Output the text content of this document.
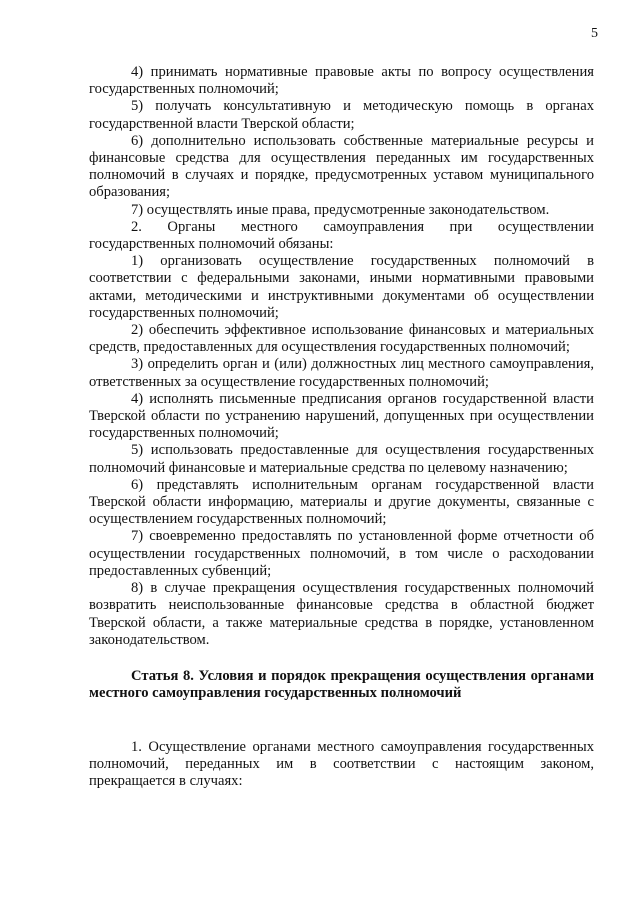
5

4) принимать нормативные правовые акты по вопросу осуществления государственных полномочий;

5) получать консультативную и методическую помощь в органах государственной власти Тверской области;

6) дополнительно использовать собственные материальные ресурсы и финансовые средства для осуществления переданных им государственных полномочий в случаях и порядке, предусмотренных уставом муниципального образования;

7) осуществлять иные права, предусмотренные законодательством.

2. Органы местного самоуправления при осуществлении государственных полномочий обязаны:

1) организовать осуществление государственных полномочий в соответствии с федеральными законами, иными нормативными правовыми актами, методическими и инструктивными документами об осуществлении государственных полномочий;

2) обеспечить эффективное использование финансовых и материальных средств, предоставленных для осуществления государственных полномочий;

3) определить орган и (или) должностных лиц местного самоуправления, ответственных за осуществление государственных полномочий;

4) исполнять письменные предписания органов государственной власти Тверской области по устранению нарушений, допущенных при осуществлении государственных полномочий;

5) использовать предоставленные для осуществления государственных полномочий финансовые и материальные средства по целевому назначению;

6) представлять исполнительным органам государственной власти Тверской области информацию, материалы и другие документы, связанные с осуществлением государственных полномочий;

7) своевременно предоставлять по установленной форме отчетности об осуществлении государственных полномочий, в том числе о расходовании предоставленных субвенций;

8) в случае прекращения осуществления государственных полномочий возвратить неиспользованные финансовые средства в областной бюджет Тверской области, а также материальные средства в порядке, установленном законодательством.

Статья 8. Условия и порядок прекращения осуществления органами местного самоуправления государственных полномочий

1. Осуществление органами местного самоуправления государственных полномочий, переданных им в соответствии с настоящим законом, прекращается в случаях:
